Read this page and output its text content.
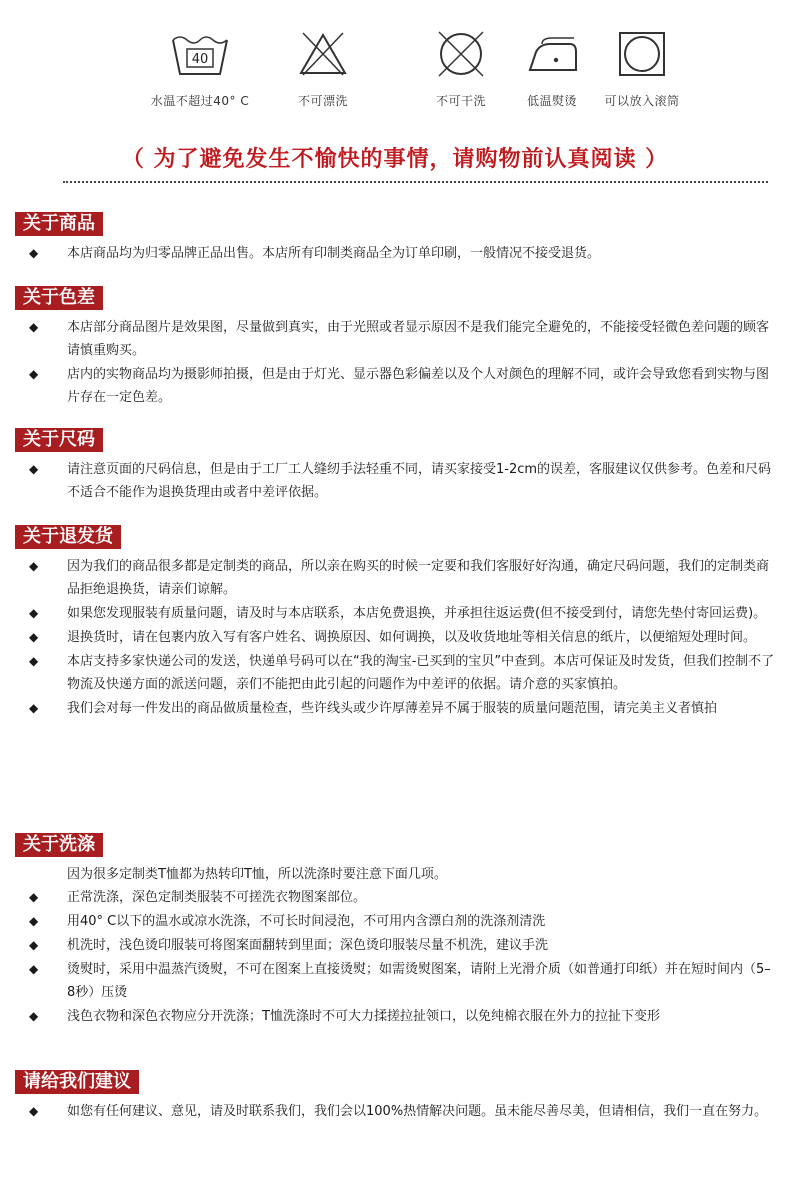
40
水温不超过40° C	不可漂洗	不可干洗	低温熨烫	可以放入滚筒
（ 为了避免发生不愉快的事情，请购物前认真阅读 ）
关于商品
◆ 本店商品均为归零品牌正品出售。本店所有印制类商品全为订单印刷，一般情况不接受退货。
关于色差
◆ 本店部分商品图片是效果图，尽量做到真实，由于光照或者显示原因不是我们能完全避免的，不能接受轻微色差问题的顾客请慎重购买。
◆ 店内的实物商品均为摄影师拍摄，但是由于灯光、显示器色彩偏差以及个人对颜色的理解不同，或许会导致您看到实物与图片存在一定色差。
关于尺码
◆ 请注意页面的尺码信息，但是由于工厂工人缝纫手法轻重不同，请买家接受1-2cm的误差，客服建议仅供参考。色差和尺码不适合不能作为退换货理由或者中差评依据。
关于退发货
◆ 因为我们的商品很多都是定制类的商品，所以亲在购买的时候一定要和我们客服好好沟通，确定尺码问题，我们的定制类商品拒绝退换货，请亲们谅解。
◆ 如果您发现服装有质量问题，请及时与本店联系，本店免费退换，并承担往返运费(但不接受到付，请您先垫付寄回运费)。
◆ 退换货时，请在包裹内放入写有客户姓名、调换原因、如何调换，以及收货地址等相关信息的纸片，以便缩短处理时间。
◆ 本店支持多家快递公司的发送，快递单号码可以在“我的淘宝-已买到的宝贝”中查到。本店可保证及时发货，但我们控制不了物流及快递方面的派送问题，亲们不能把由此引起的问题作为中差评的依据。请介意的买家慎拍。
◆ 我们会对每一件发出的商品做质量检查，些许线头或少许厚薄差异不属于服装的质量问题范围，请完美主义者慎拍
关于洗涤
因为很多定制类T恤都为热转印T恤，所以洗涤时要注意下面几项。
◆ 正常洗涤，深色定制类服装不可搓洗衣物图案部位。
◆ 用40° C以下的温水或凉水洗涤，不可长时间浸泡，不可用内含漂白剂的洗涤剂清洗
◆ 机洗时，浅色烫印服装可将图案面翻转到里面；深色烫印服装尽量不机洗，建议手洗
◆ 烫熨时，采用中温蒸汽烫熨，不可在图案上直接烫熨；如需烫熨图案，请附上光滑介质（如普通打印纸）并在短时间内（5–8秒）压烫
◆ 浅色衣物和深色衣物应分开洗涤；T恤洗涤时不可大力揉搓拉扯领口，以免纯棉衣服在外力的拉扯下变形
请给我们建议
◆ 如您有任何建议、意见，请及时联系我们，我们会以100%热情解决问题。虽未能尽善尽美，但请相信，我们一直在努力。
